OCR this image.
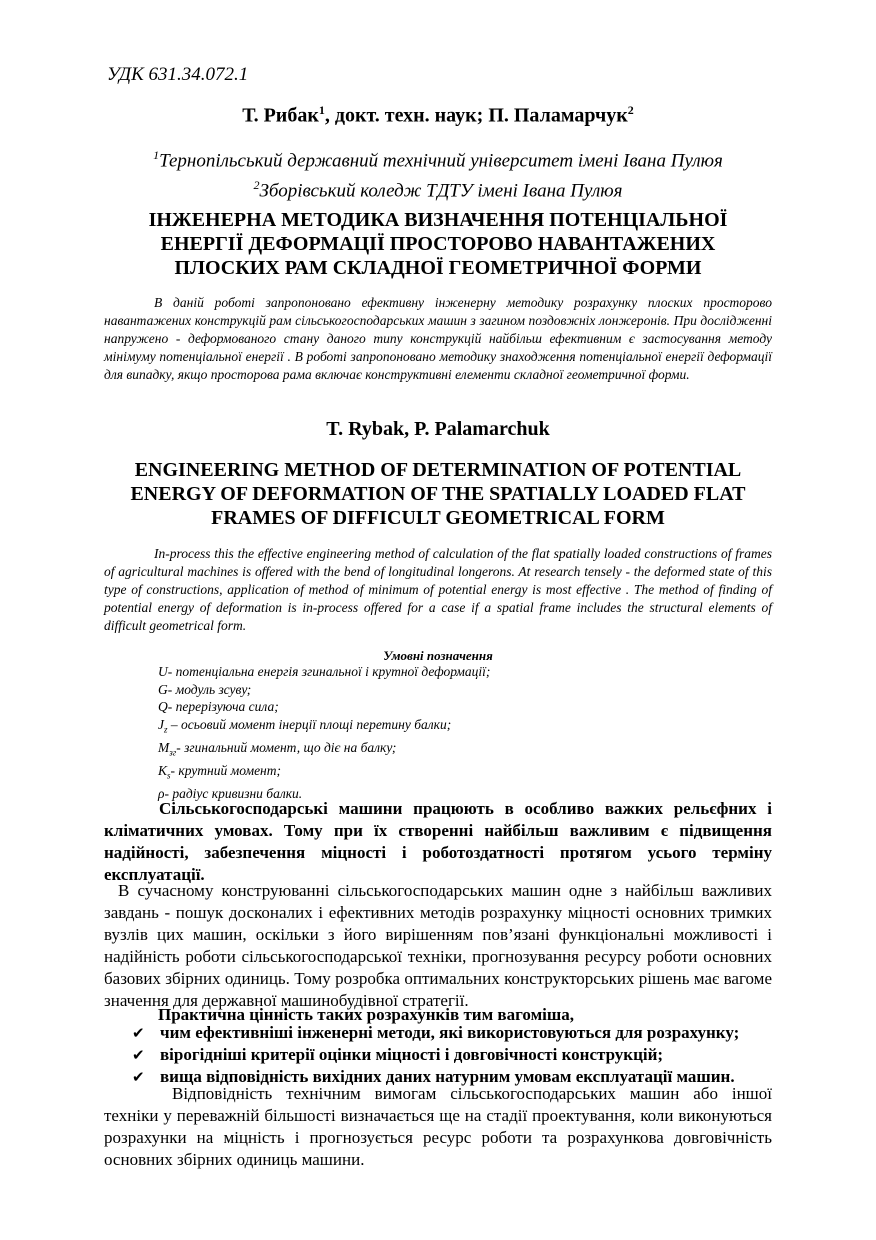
УДК 631.34.072.1
Т. Рибак$^1$, докт. техн. наук; П. Паламарчук$^2$
$^1$Тернопільський державний технічний університет імені Івана Пулюя
$^2$Зборівський коледж ТДТУ імені Івана Пулюя
ІНЖЕНЕРНА МЕТОДИКА ВИЗНАЧЕННЯ ПОТЕНЦІАЛЬНОЇ
ЕНЕРГІЇ ДЕФОРМАЦІЇ ПРОСТОРОВО НАВАНТАЖЕНИХ
ПЛОСКИХ РАМ СКЛАДНОЇ ГЕОМЕТРИЧНОЇ ФОРМИ
В даній роботі запропоновано ефективну інженерну методику розрахунку плоских просторово навантажених конструкцій рам сільськогосподарських машин з загином поздовжніх лонжеронів. При дослідженні напружено - деформованого стану даного типу конструкцій найбільш ефективним є застосування методу мінімуму потенціальної енергії . В роботі запропоновано методику знаходження потенціальної енергії деформації для випадку, якщо просторова рама включає конструктивні елементи складної геометричної форми.
T. Rybak, P. Palamarchuk
ENGINEERING METHOD OF DETERMINATION OF POTENTIAL
ENERGY OF DEFORMATION OF THE SPATIALLY LOADED FLAT
FRAMES OF DIFFICULT GEOMETRICAL FORM
In-process this the effective engineering method of calculation of the flat spatially loaded constructions of frames of agricultural machines is offered with the bend of longitudinal longerons. At research tensely - the deformed state of this type of constructions, application of method of minimum of potential energy is most effective . The method of finding of potential energy of deformation is in-process offered for a case if a spatial frame includes the structural elements of difficult geometrical form.
Умовні позначення
U- потенціальна енергія згинальної і крутної деформації;
G- модуль зсуву;
Q- перерізуюча сила;
$J_z$ – осьовий момент інерції площі перетину балки;
$M_{зг}-$ згинальний момент, що діє на балку;
$K_s-$ крутний момент;
ρ- радіус кривизни балки.
Сільськогосподарські машини працюють в особливо важких рельєфних і кліматичних умовах. Тому при їх створенні найбільш важливим є підвищення надійності, забезпечення міцності і роботоздатності протягом усього терміну експлуатації.
В сучасному конструюванні сільськогосподарських машин одне з найбільш важливих завдань - пошук досконалих і ефективних методів розрахунку міцності основних тримких вузлів цих машин, оскільки з його вирішенням пов’язані функціональні можливості і надійність роботи сільськогосподарської техніки, прогнозування ресурсу роботи основних базових збірних одиниць. Тому розробка оптимальних конструкторських рішень має вагоме значення для державної машинобудівної стратегії.
Практична цінність таких розрахунків тим вагоміша,
✔ чим ефективніші інженерні методи, які використовуються для розрахунку;
✔ вірогідніші критерії оцінки міцності і довговічності конструкцій;
✔ вища відповідність вихідних даних натурним умовам експлуатації машин.
Відповідність технічним вимогам сільськогосподарських машин або іншої техніки у переважній більшості визначається ще на стадії проектування, коли виконуються розрахунки на міцність і прогнозується ресурс роботи та розрахункова довговічність основних збірних одиниць машини.
